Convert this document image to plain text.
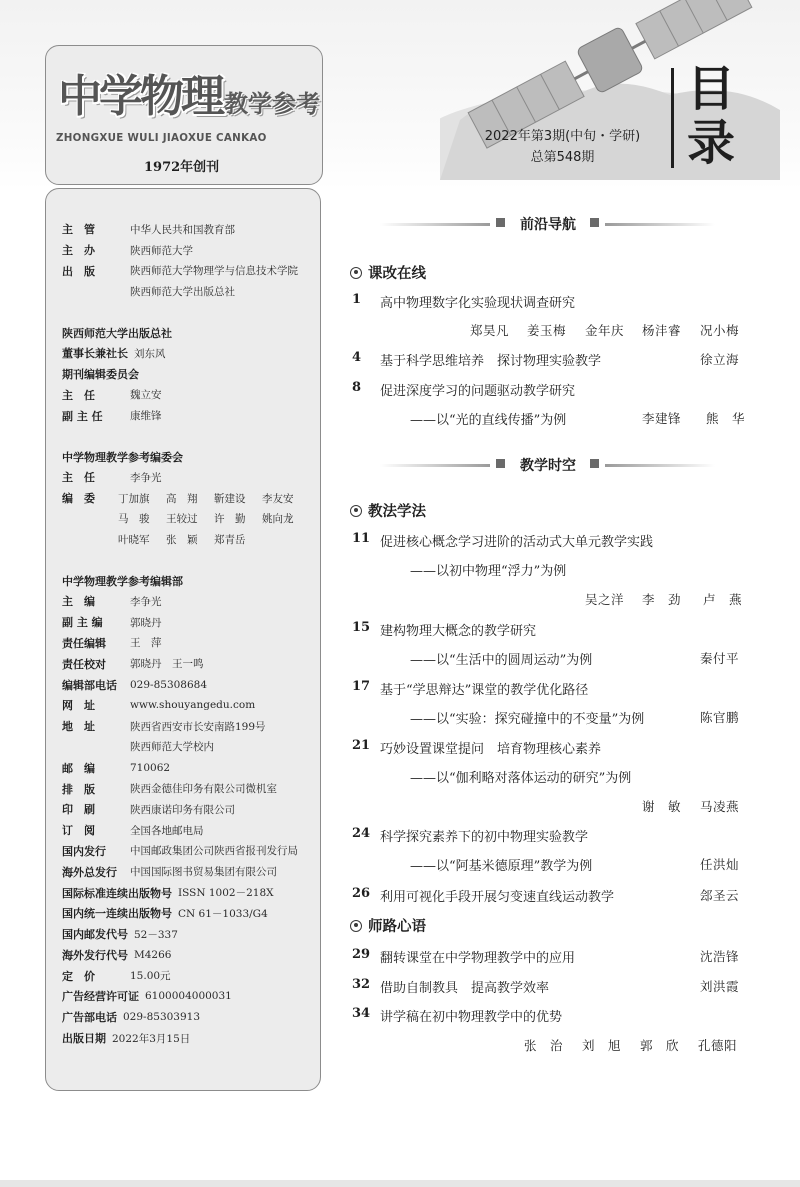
中学物理 教学参考
ZHONGXUE WULI JIAOXUE CANKAO
1972年创刊
2022年第3期(中旬・学研)
总第548期
目录
主　管	中华人民共和国教育部
主　办	陕西师范大学
出　版	陕西师范大学物理学与信息技术学院
陕西师范大学出版总社
陕西师范大学出版总社
董事长兼社长 刘东风
期刊编辑委员会
主　任	魏立安
副 主 任	康维锋
中学物理教学参考编委会
主　任	李争光
编　委	丁加旗	高　翔	靳建设	李友安
马　骏	王较过	许　勤	姚向龙
叶晓军	张　颖	郑青岳
中学物理教学参考编辑部
主　编	李争光
副 主 编	郭晓丹
责任编辑	王　萍
责任校对	郭晓丹　王一鸣
编辑部电话	029-85308684
网　址	www.shouyangedu.com
地　址	陕西省西安市长安南路199号
陕西师范大学校内
邮　编	710062
排　版	陕西金德佳印务有限公司微机室
印　刷	陕西康诺印务有限公司
订　阅	全国各地邮电局
国内发行	中国邮政集团公司陕西省报刊发行局
海外总发行	中国国际图书贸易集团有限公司
国际标准连续出版物号 ISSN 1002－218X
国内统一连续出版物号 CN 61－1033/G4
国内邮发代号 52－337
海外发行代号 M4266
定　价	15.00元
广告经营许可证 6100004000031
广告部电话 029-85303913
出版日期 2022年3月15日
前沿导航
课改在线
1 高中物理数字化实验现状调查研究
郑昊凡 姜玉梅 金年庆 杨沣睿 况小梅
4 基于科学思维培养　探讨物理实验教学	徐立海
8 促进深度学习的问题驱动教学研究
——以“光的直线传播”为例	李建锋 熊　华
教学时空
教法学法
11 促进核心概念学习进阶的活动式大单元教学实践
——以初中物理“浮力”为例
吴之洋 李　劲 卢　燕
15 建构物理大概念的教学研究
——以“生活中的圆周运动”为例	秦付平
17 基于“学思辩达”课堂的教学优化路径
——以“实验：探究碰撞中的不变量”为例	陈官鹏
21 巧妙设置课堂提问　培育物理核心素养
——以“伽利略对落体运动的研究”为例
谢　敏 马凌燕
24 科学探究素养下的初中物理实验教学
——以“阿基米德原理”教学为例	任洪灿
26 利用可视化手段开展匀变速直线运动教学	郐圣云
师路心语
29 翻转课堂在中学物理教学中的应用	沈浩锋
32 借助自制教具　提高教学效率	刘洪霞
34 讲学稿在初中物理教学中的优势
张　治 刘　旭 郭　欣 孔德阳
